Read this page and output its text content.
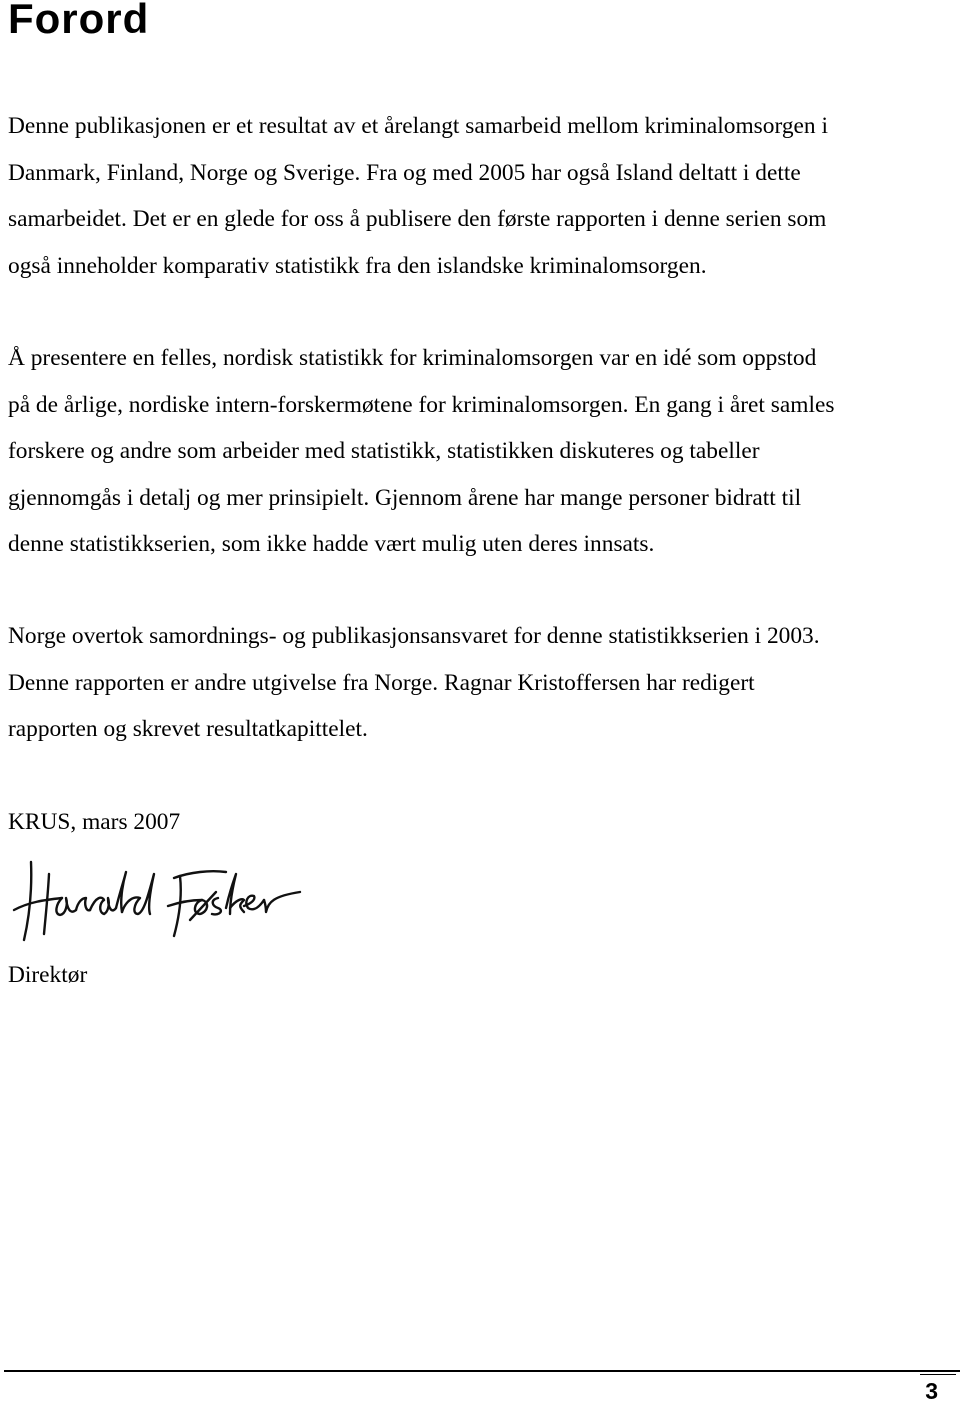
Forord

Denne publikasjonen er et resultat av et årelangt samarbeid mellom kriminalomsorgen i
Danmark, Finland, Norge og Sverige. Fra og med 2005 har også Island deltatt i dette
samarbeidet. Det er en glede for oss å publisere den første rapporten i denne serien som
også inneholder komparativ statistikk fra den islandske kriminalomsorgen.

Å presentere en felles, nordisk statistikk for kriminalomsorgen var en idé som oppstod
på de årlige, nordiske intern-forskermøtene for kriminalomsorgen. En gang i året samles
forskere og andre som arbeider med statistikk, statistikken diskuteres og tabeller
gjennomgås i detalj og mer prinsipielt. Gjennom årene har mange personer bidratt til
denne statistikkserien, som ikke hadde vært mulig uten deres innsats.

Norge overtok samordnings- og publikasjonsansvaret for denne statistikkserien i 2003.
Denne rapporten er andre utgivelse fra Norge. Ragnar Kristoffersen har redigert
rapporten og skrevet resultatkapittelet.

KRUS, mars 2007

Direktør

3
